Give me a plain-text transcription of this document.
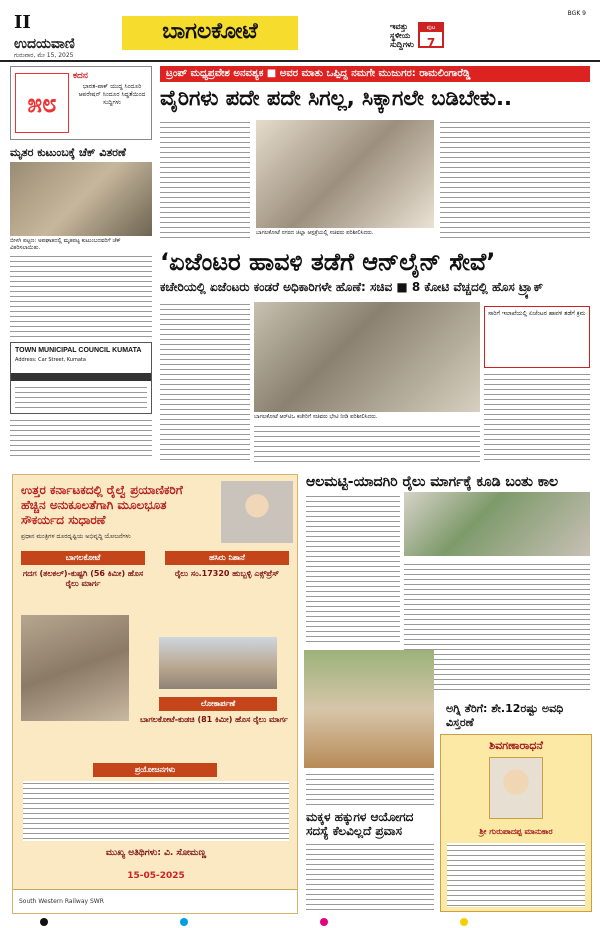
II
ಉದಯವಾಣಿ
ಗುರುವಾರ, ಮೇ 15, 2025
ಬಾಗಲಕೋಟೆ	ಇವತ್ತು ಸ್ಥಳೀಯ ಸುದ್ದಿಗಳು
ಪುಟ
7
BGK 9
೫೮
ಕದನ
ಭಾರತ-ಪಾಕ್ ಯುದ್ಧ ಸಿಂದೂರಿ ಆಪರೇಷನ್ ಸಿಂದೂರ ಸಿದ್ಧತೆಯಿಂದ ಸುದ್ದಿಗಳು
ಮೃತರ ಕುಟುಂಬಕ್ಕೆ ಚೆಕ್ ವಿತರಣೆ
ಬೀಳಗಿ ಪಟ್ಟಣ: ಅಪಘಾತದಲ್ಲಿ ಮೃತಪಟ್ಟ ಕುಟುಂಬದವರಿಗೆ ಚೆಕ್ ವಿತರಿಸಲಾಯಿತು.
TOWN MUNICIPAL COUNCIL KUMATA
Address: Car Street, Kumata
ಟ್ರಂಪ್ ಮಧ್ಯಪ್ರವೇಶ ಅನವಶ್ಯಕ ■ ಅವರ ಮಾತು ಒಪ್ಪಿದ್ದ ನಮಗೇ ಮುಜುಗರ: ರಾಮಲಿಂಗಾರೆಡ್ಡಿ
ವೈರಿಗಳು ಪದೇ ಪದೇ ಸಿಗಲ್ಲ, ಸಿಕ್ಕಾಗಲೇ ಬಡಿಬೇಕು..
ಬಾಗಲಕೋಟೆ ನಗರದ ಜಿಲ್ಲಾ ಆಸ್ಪತ್ರೆಯಲ್ಲಿ ಸಚಿವರು ಪರಿಶೀಲಿಸಿದರು.
‘ಏಜೆಂಟರ ಹಾವಳಿ ತಡೆಗೆ ಆನ್‌ಲೈನ್ ಸೇವೆ’
ಕಚೇರಿಯಲ್ಲಿ ಏಜೆಂಟರು ಕಂಡರೆ ಅಧಿಕಾರಿಗಳೇ ಹೊಣೆ: ಸಚಿವ ■ 8 ಕೋಟಿ ವೆಚ್ಚದಲ್ಲಿ ಹೊಸ ಟ್ರ್ಯಾಕ್
ಬಾಗಲಕೋಟೆ ಆರ್‌ಟಿಒ ಕಚೇರಿಗೆ ಸಚಿವರು ಭೇಟಿ ನೀಡಿ ಪರಿಶೀಲಿಸಿದರು.
ಸಾರಿಗೆ ಇಲಾಖೆಯಲ್ಲಿ ಏಜೆಂಟರ ಹಾವಳಿ ತಡೆಗೆ ಕ್ರಮ
ಉತ್ತರ ಕರ್ನಾಟಕದಲ್ಲಿ ರೈಲ್ವೆ ಪ್ರಯಾಣಿಕರಿಗೆ ಹೆಚ್ಚಿನ ಅನುಕೂಲತೆಗಾಗಿ ಮೂಲಭೂತ ಸೌಕರ್ಯದ ಸುಧಾರಣೆ
ಪ್ರಧಾನ ಮಂತ್ರಿಗಳ ದೂರದೃಷ್ಟಿಯ ಅಭಿವೃದ್ಧಿ ಯೋಜನೆಗಳು
ಬಾಗಲಕೋಟೆ	ಹಸಿರು ನಿಶಾನೆ
ಗದಗ (ತಲಕಲ್)-ಕುಷ್ಟಗಿ (56 ಕಿಮೀ) ಹೊಸ ರೈಲು ಮಾರ್ಗ
ರೈಲು ಸಂ.17320 ಹುಬ್ಬಳ್ಳಿ ಎಕ್ಸ್‌ಪ್ರೆಸ್
ಲೋಕಾರ್ಪಣೆ
ಬಾಗಲಕೋಟೆ-ಕುಡಚಿ (81 ಕಿಮೀ) ಹೊಸ ರೈಲು ಮಾರ್ಗ
ಪ್ರಯೋಜನಗಳು
ಮುಖ್ಯ ಅತಿಥಿಗಳು: ವಿ. ಸೋಮಣ್ಣ
15-05-2025
South Western Railway SWR
ಆಲಮಟ್ಟಿ-ಯಾದಗಿರಿ ರೈಲು ಮಾರ್ಗಕ್ಕೆ ಕೂಡಿ ಬಂತು ಕಾಲ
ಅಗ್ನಿ ತೆರಿಗೆ: ಶೇ.12ರಷ್ಟು ಅವಧಿ ವಿಸ್ತರಣೆ
ಶಿವಗಣಾರಾಧನೆ
ಶ್ರೀ ಗುರುಪಾದಪ್ಪ ಮಾನುಕಾರ
ಮಕ್ಕಳ ಹಕ್ಕುಗಳ ಆಯೋಗದ ಸದಸ್ಯೆ ಕೆಲವಿಲ್ಲದೆ ಪ್ರವಾಸ
